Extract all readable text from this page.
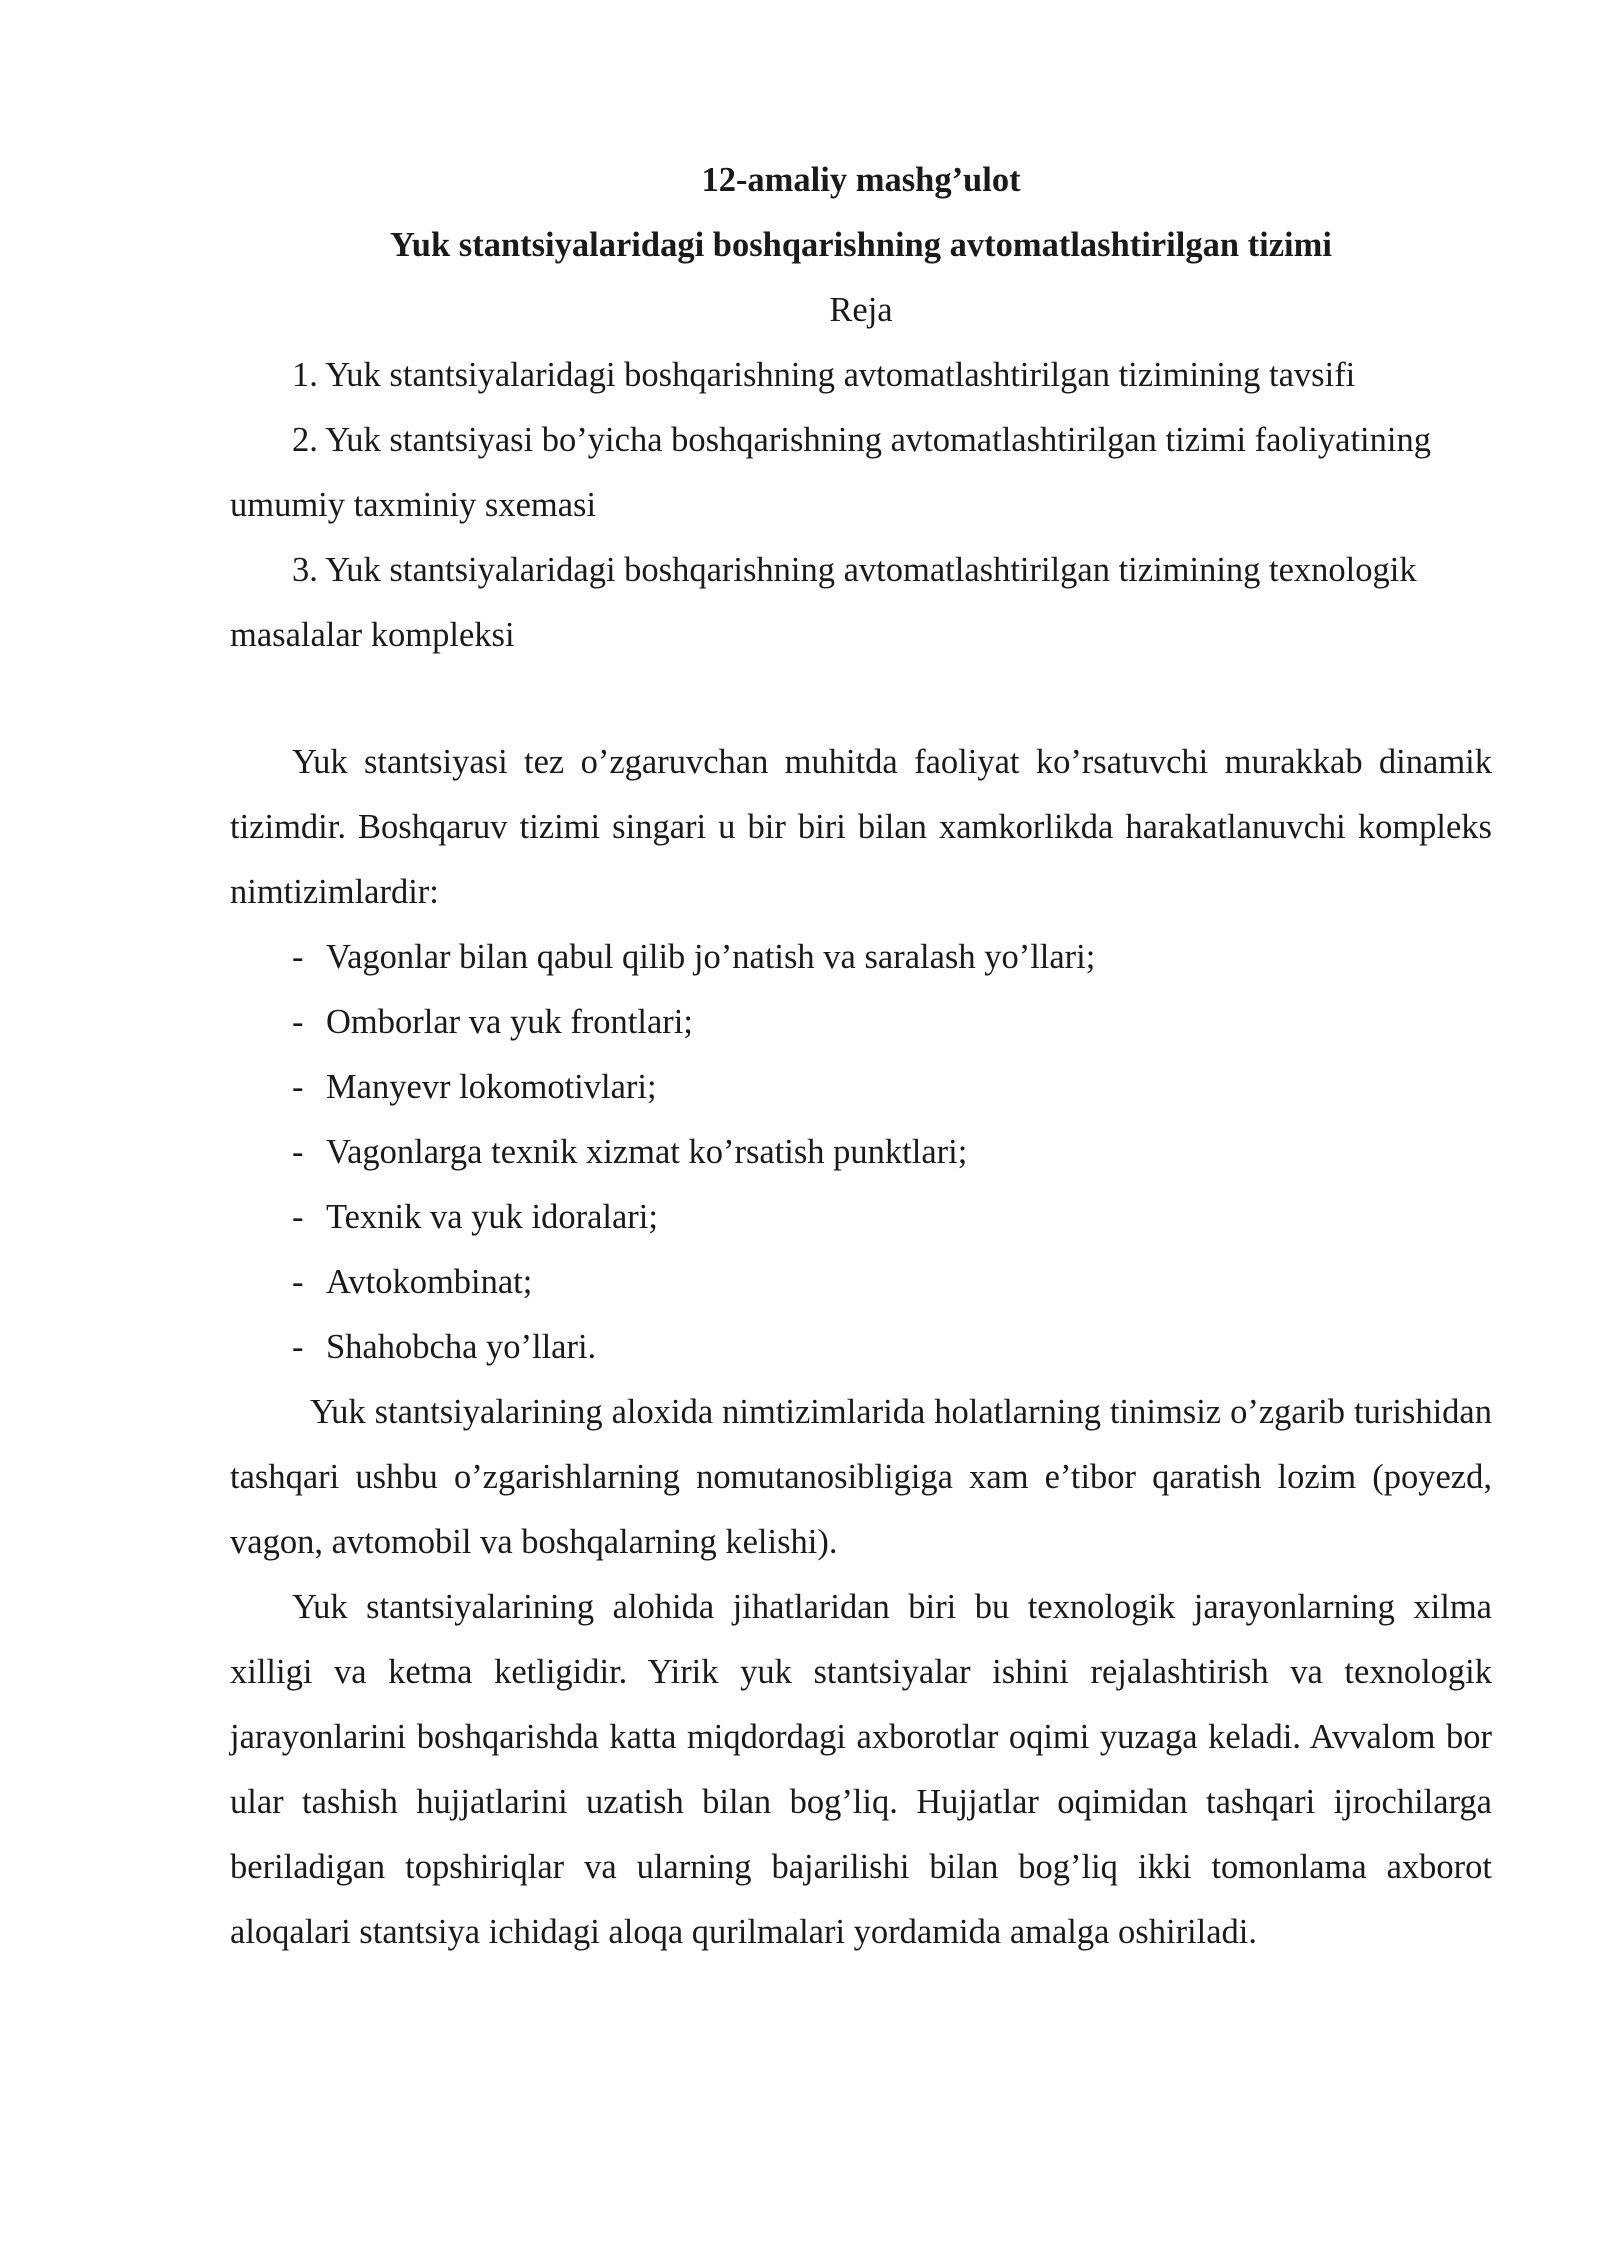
12-amaliy mashg’ulot

Yuk stantsiyalaridagi boshqarishning avtomatlashtirilgan tizimi

Reja

1. Yuk stantsiyalaridagi boshqarishning avtomatlashtirilgan tizimining tavsifi

2. Yuk stantsiyasi bo’yicha boshqarishning avtomatlashtirilgan tizimi faoliyatining umumiy taxminiy sxemasi

3. Yuk stantsiyalaridagi boshqarishning avtomatlashtirilgan tizimining texnologik masalalar kompleksi

Yuk stantsiyasi tez o’zgaruvchan muhitda faoliyat ko’rsatuvchi murakkab dinamik tizimdir. Boshqaruv tizimi singari u bir biri bilan xamkorlikda harakatlanuvchi kompleks nimtizimlardir:

- Vagonlar bilan qabul qilib jo’natish va saralash yo’llari;
- Omborlar va yuk frontlari;
- Manyevr lokomotivlari;
- Vagonlarga texnik xizmat ko’rsatish punktlari;
- Texnik va yuk idoralari;
- Avtokombinat;
- Shahobcha yo’llari.

Yuk stantsiyalarining aloxida nimtizimlarida holatlarning tinimsiz o’zgarib turishidan tashqari ushbu o’zgarishlarning nomutanosibligiga xam e’tibor qaratish lozim (poyezd, vagon, avtomobil va boshqalarning kelishi).

Yuk stantsiyalarining alohida jihatlaridan biri bu texnologik jarayonlarning xilma xilligi va ketma ketligidir. Yirik yuk stantsiyalar ishini rejalashtirish va texnologik jarayonlarini boshqarishda katta miqdordagi axborotlar oqimi yuzaga keladi. Avvalom bor ular tashish hujjatlarini uzatish bilan bog’liq. Hujjatlar oqimidan tashqari ijrochilarga beriladigan topshiriqlar va ularning bajarilishi bilan bog’liq ikki tomonlama axborot aloqalari stantsiya ichidagi aloqa qurilmalari yordamida amalga oshiriladi.
